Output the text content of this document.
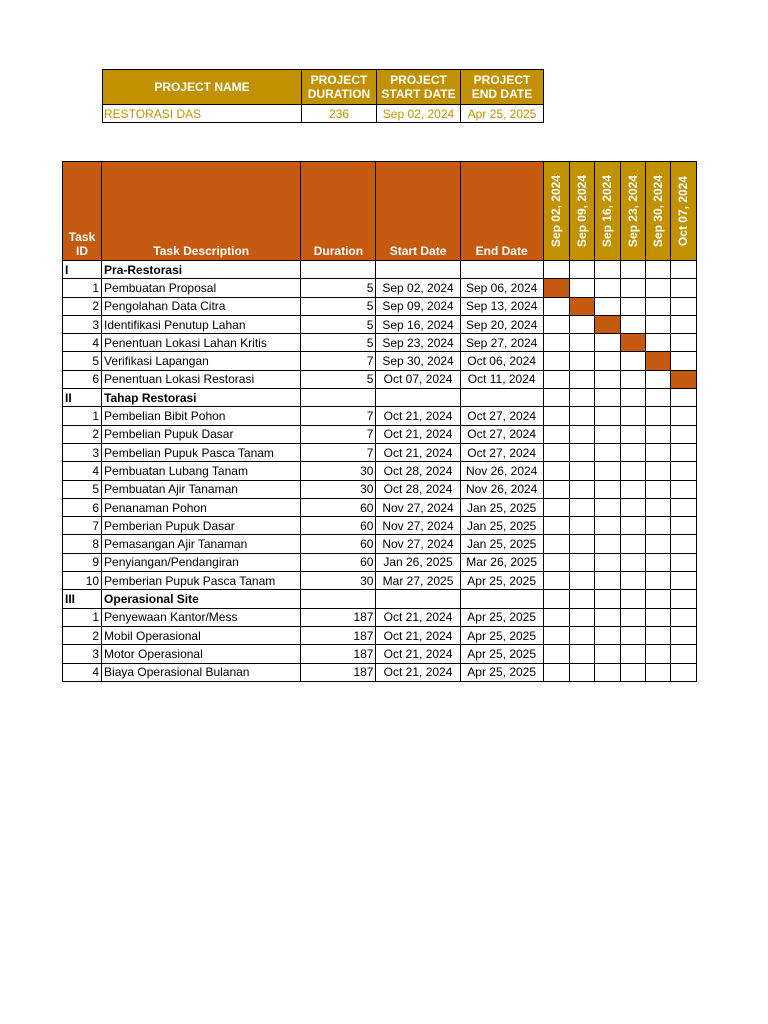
PROJECT NAME	PROJECT DURATION	PROJECT START DATE	PROJECT END DATE
RESTORASI DAS	236	Sep 02, 2024	Apr 25, 2025
Task ID	Task Description	Duration	Start Date	End Date	Sep 02, 2024	Sep 09, 2024	Sep 16, 2024	Sep 23, 2024	Sep 30, 2024	Oct 07, 2024

I	Pra-Restorasi									
1	Pembuatan Proposal	5	Sep 02, 2024	Sep 06, 2024						
2	Pengolahan Data Citra	5	Sep 09, 2024	Sep 13, 2024						
3	Identifikasi Penutup Lahan	5	Sep 16, 2024	Sep 20, 2024						
4	Penentuan Lokasi Lahan Kritis	5	Sep 23, 2024	Sep 27, 2024						
5	Verifikasi Lapangan	7	Sep 30, 2024	Oct 06, 2024						
6	Penentuan Lokasi Restorasi	5	Oct 07, 2024	Oct 11, 2024						
II	Tahap Restorasi									
1	Pembelian Bibit Pohon	7	Oct 21, 2024	Oct 27, 2024						
2	Pembelian Pupuk Dasar	7	Oct 21, 2024	Oct 27, 2024						
3	Pembelian Pupuk Pasca Tanam	7	Oct 21, 2024	Oct 27, 2024						
4	Pembuatan Lubang Tanam	30	Oct 28, 2024	Nov 26, 2024						
5	Pembuatan Ajir Tanaman	30	Oct 28, 2024	Nov 26, 2024						
6	Penanaman Pohon	60	Nov 27, 2024	Jan 25, 2025						
7	Pemberian Pupuk Dasar	60	Nov 27, 2024	Jan 25, 2025						
8	Pemasangan Ajir Tanaman	60	Nov 27, 2024	Jan 25, 2025						
9	Penyiangan/Pendangiran	60	Jan 26, 2025	Mar 26, 2025						
10	Pemberian Pupuk Pasca Tanam	30	Mar 27, 2025	Apr 25, 2025						
III	Operasional Site									
1	Penyewaan Kantor/Mess	187	Oct 21, 2024	Apr 25, 2025						
2	Mobil Operasional	187	Oct 21, 2024	Apr 25, 2025						
3	Motor Operasional	187	Oct 21, 2024	Apr 25, 2025						
4	Biaya Operasional Bulanan	187	Oct 21, 2024	Apr 25, 2025						
